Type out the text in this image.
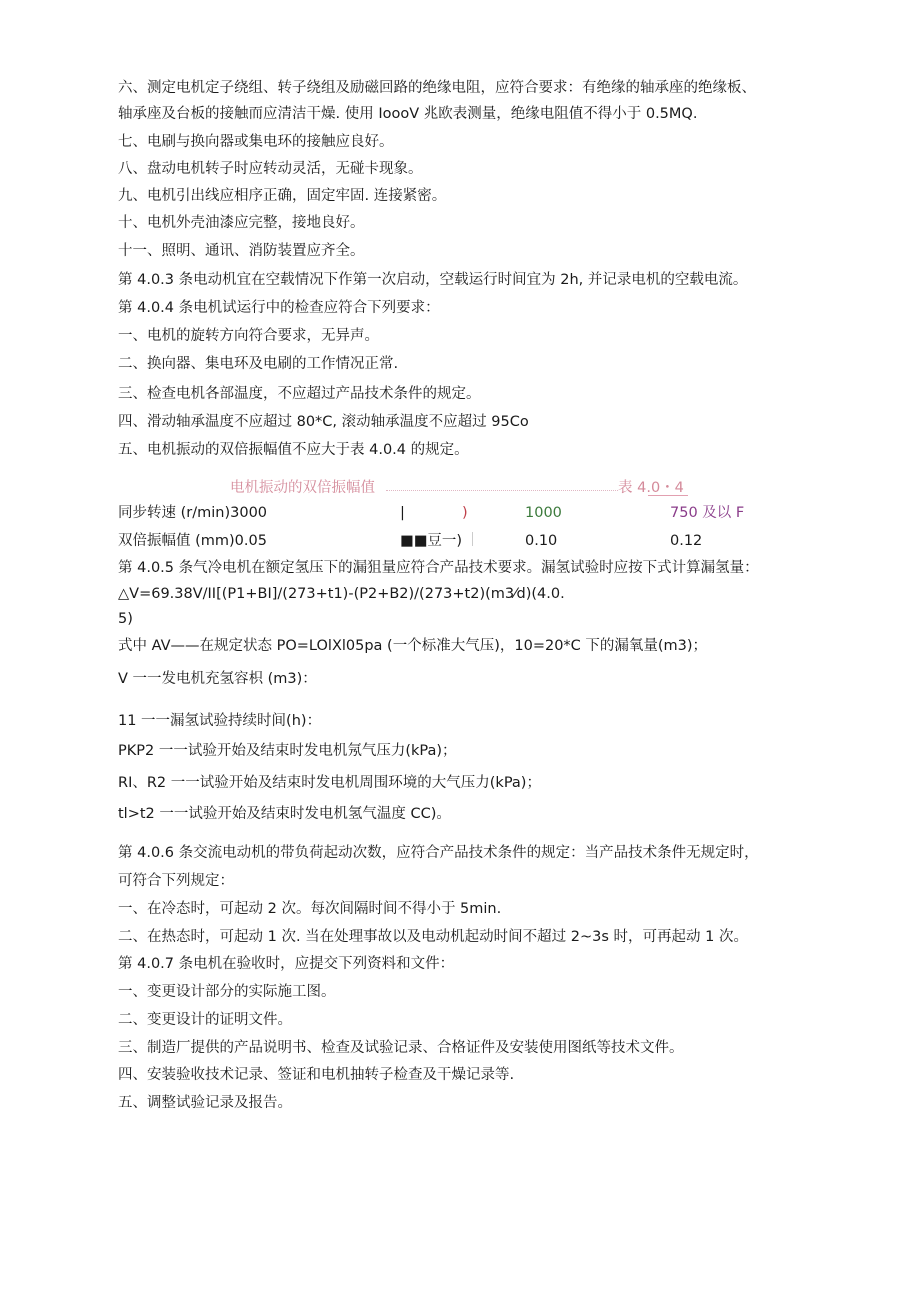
六、测定电机定子绕组、转子绕组及励磁回路的绝缘电阻，应符合要求：有绝缘的轴承座的绝缘板、
轴承座及台板的接触而应清洁干燥. 使用 IoooV 兆欧表测量，绝缘电阻值不得小于 0.5MQ.
七、电刷与换向器或集电环的接触应良好。
八、盘动电机转子时应转动灵活，无碰卡现象。
九、电机引出线应相序正确，固定牢固. 连接紧密。
十、电机外壳油漆应完整，接地良好。
十一、照明、通讯、消防装置应齐全。
第 4.0.3 条电动机宜在空载情况下作第一次启动，空载运行时间宜为 2h, 并记录电机的空载电流。
第 4.0.4 条电机试运行中的检查应符合下列要求：
一、电机的旋转方向符合要求，无异声。
二、换向器、集电环及电刷的工作情况正常.
三、检查电机各部温度，不应超过产品技术条件的规定。
四、滑动轴承温度不应超过 80*C, 滚动轴承温度不应超过 95Co
五、电机振动的双倍振幅值不应大于表 4.0.4 的规定。
电机振动的双倍振幅值	表 4.0・4
同步转速 (r/min)3000	|	)	1000	750 及以 F
双倍振幅值 (mm)0.05	■■豆一)	0.10	0.12
第 4.0.5 条气冷电机在额定氢压下的漏狙量应符合产品技术要求。漏氢试验时应按下式计算漏氢量：
△V=69.38V/II[(P1+BI]/(273+t1)-(P2+B2)/(273+t2)(m3⁄d)(4.0.
5)
式中 AV——在规定状态 PO=LOlXl05pa (一个标准大气压)，10=20*C 下的漏氧量(m3)；
V 一一发电机充氢容枳 (m3)：
11 一一漏氢试验持续时间(h)：
PKP2 一一试验开始及结束时发电机氖气压力(kPa)；
RI、R2 一一试验开始及结束时发电机周围环境的大气压力(kPa)；
tl>t2 一一试验开始及结束时发电机氢气温度 CC)。
第 4.0.6 条交流电动机的带负荷起动次数，应符合产品技术条件的规定：当产品技术条件无规定时，
可符合下列规定：
一、在冷态时，可起动 2 次。每次间隔时间不得小于 5min.
二、在热态时，可起动 1 次. 当在处理事故以及电动机起动时间不超过 2~3s 时，可再起动 1 次。
第 4.0.7 条电机在验收时，应提交下列资料和文件：
一、变更设计部分的实际施工图。
二、变更设计的证明文件。
三、制造厂提供的产品说明书、检查及试验记录、合格证件及安装使用图纸等技术文件。
四、安装验收技术记录、签证和电机抽转子检查及干燥记录等.
五、调整试验记录及报告。
